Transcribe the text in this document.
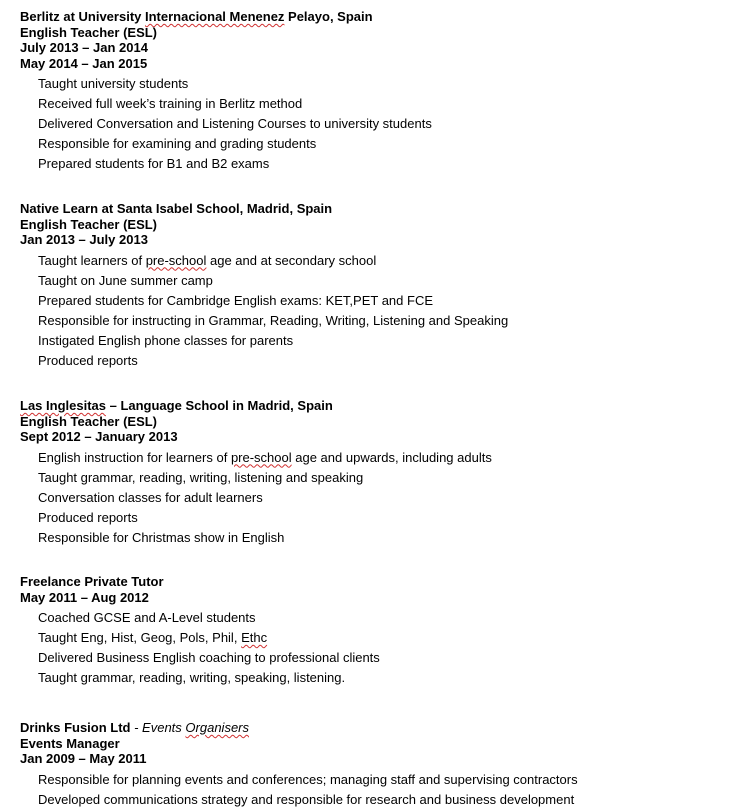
Berlitz at University Internacional Menenez Pelayo, Spain
English Teacher (ESL)
July 2013 – Jan 2014
May 2014 – Jan 2015
Taught university students
Received full week’s training in Berlitz method
Delivered Conversation and Listening Courses to university students
Responsible for examining and grading students
Prepared students for B1 and B2 exams
Native Learn at Santa Isabel School, Madrid, Spain
English Teacher (ESL)
Jan 2013 – July 2013
Taught learners of pre-school age and at secondary school
Taught on June summer camp
Prepared students for Cambridge English exams: KET,PET and FCE
Responsible for instructing in Grammar, Reading, Writing, Listening and Speaking
Instigated English phone classes for parents
Produced reports
Las Inglesitas – Language School in Madrid, Spain
English Teacher (ESL)
Sept 2012 – January 2013
English instruction for learners of pre-school age and upwards, including adults
Taught grammar, reading, writing, listening and speaking
Conversation classes for adult learners
Produced reports
Responsible for Christmas show in English
Freelance Private Tutor
May 2011 – Aug 2012
Coached GCSE and A-Level students
Taught Eng, Hist, Geog, Pols, Phil, Ethc
Delivered Business English coaching to professional clients
Taught grammar, reading, writing, speaking, listening.
Drinks Fusion Ltd - Events Organisers
Events Manager
Jan 2009 – May 2011
Responsible for planning events and conferences; managing staff and supervising contractors
Developed communications strategy and responsible for research and business development
